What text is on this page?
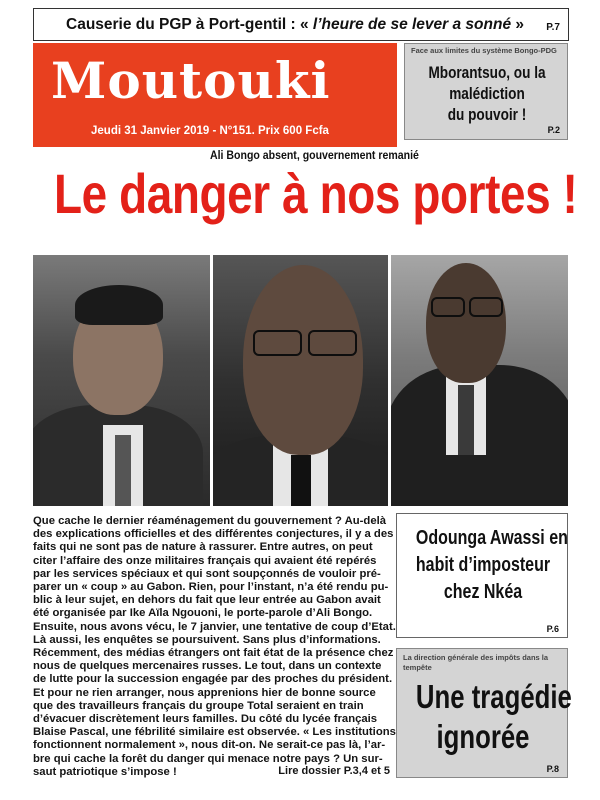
Causerie du PGP à Port-gentil : « l’heure de se lever a sonné » P.7
Moutouki
Jeudi 31 Janvier 2019 - N°151. Prix 600 Fcfa
Face aux limites du système Bongo-PDG
Mborantsuo, ou la malédiction
du pouvoir !
P.2
Ali Bongo absent, gouvernement remanié
Le danger à nos portes !

Que cache le dernier réaménagement du gouvernement ? Au-delà
des explications officielles et des différentes conjectures, il y a des
faits qui ne sont pas de nature à rassurer. Entre autres, on peut
citer l’affaire des onze militaires français qui avaient été repérés
par les services spéciaux et qui sont soupçonnés de vouloir pré-
parer un « coup » au Gabon. Rien, pour l’instant, n’a été rendu pu-
blic à leur sujet, en dehors du fait que leur entrée au Gabon avait
été organisée par Ike Aïla Ngouoni, le porte-parole d’Ali Bongo.
Ensuite, nous avons vécu, le 7 janvier, une tentative de coup d’Etat.
Là aussi, les enquêtes se poursuivent. Sans plus d’informations.
Récemment, des médias étrangers ont fait état de la présence chez
nous de quelques mercenaires russes. Le tout, dans un contexte
de lutte pour la succession engagée par des proches du président.
Et pour ne rien arranger, nous apprenions hier de bonne source
que des travailleurs français du groupe Total seraient en train
d’évacuer discrètement leurs familles. Du côté du lycée français
Blaise Pascal, une fébrilité similaire est observée. « Les institutions
fonctionnent normalement », nous dit-on. Ne serait-ce pas là, l’ar-
bre qui cache la forêt du danger qui menace notre pays ? Un sur-
saut patriotique s’impose !	Lire dossier P.3,4 et 5
Odounga Awassi en
habit d’imposteur
chez Nkéa
P.6
La direction générale des impôts dans la tempête
Une tragédie
ignorée
P.8
